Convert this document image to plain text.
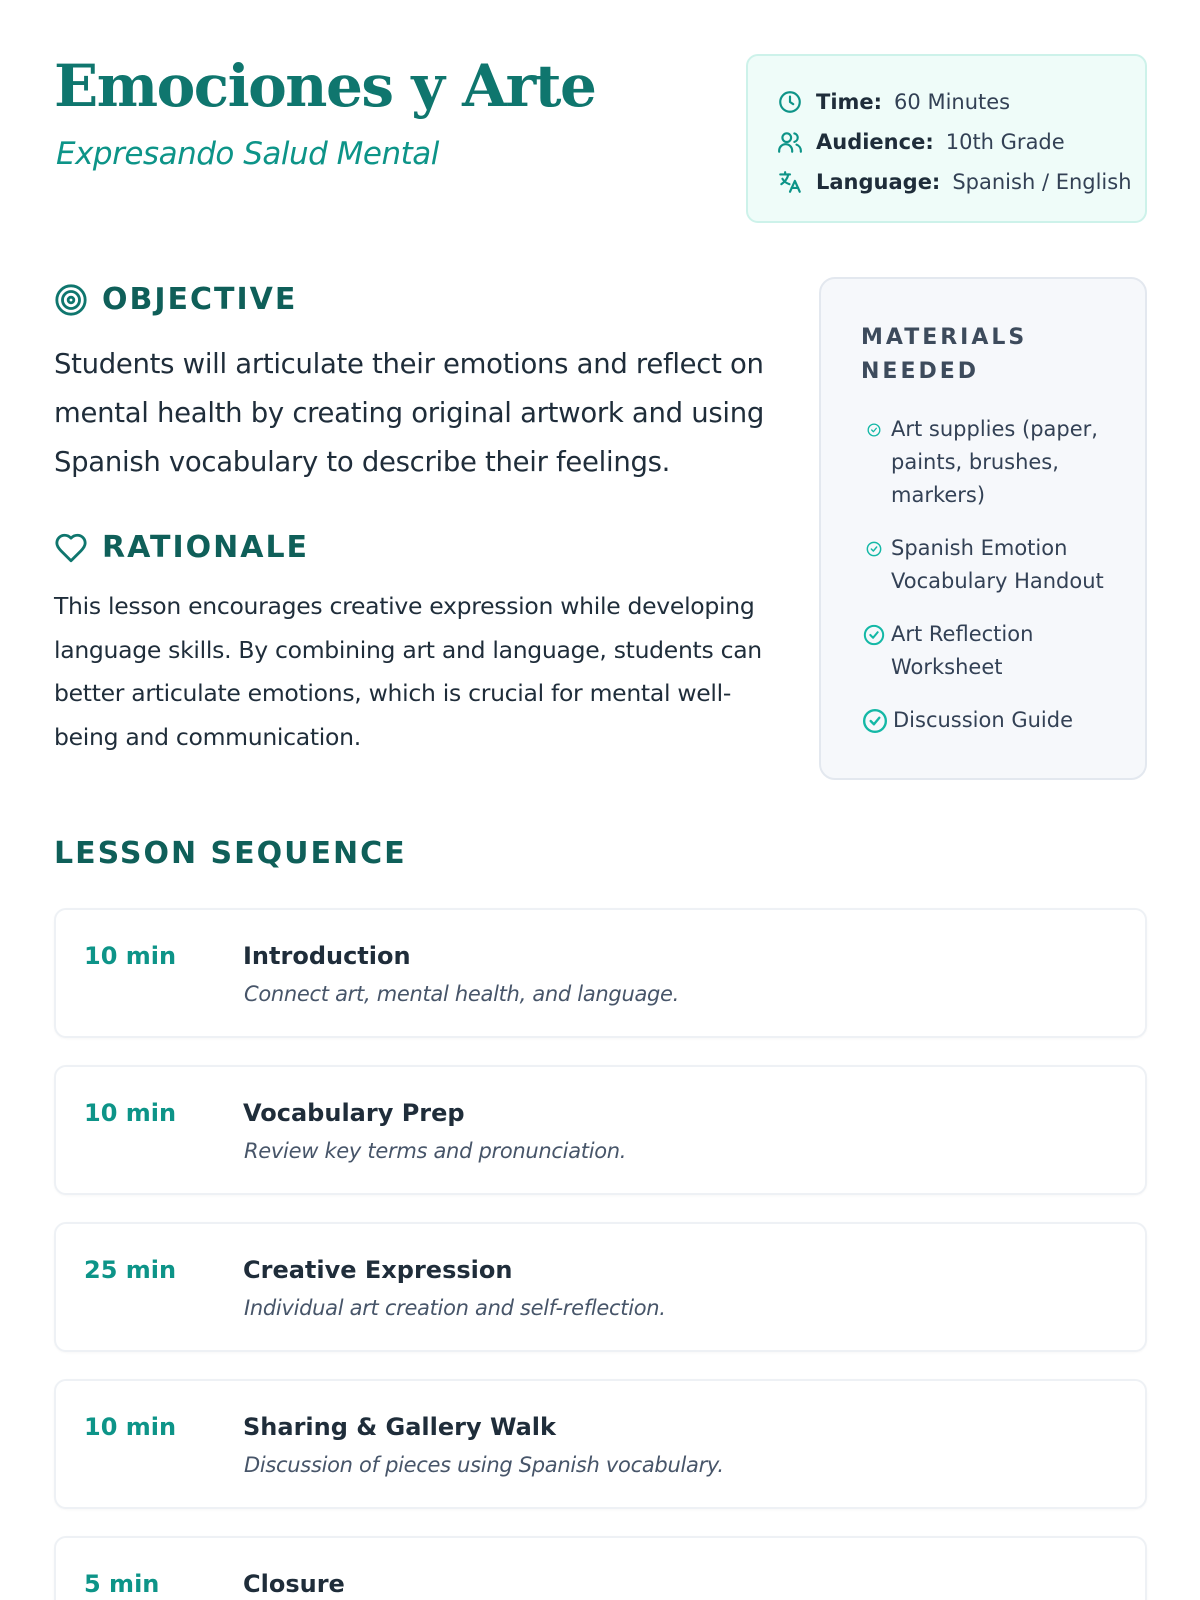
Emociones y Arte
Expresando Salud Mental
Time: 60 Minutes
Audience: 10th Grade
Language: Spanish / English
OBJECTIVE

Students will articulate their emotions and reflect on mental health by creating original artwork and using Spanish vocabulary to describe their feelings.

RATIONALE

This lesson encourages creative expression while developing language skills. By combining art and language, students can better articulate emotions, which is crucial for mental well-being and communication.

MATERIALS NEEDED
Art supplies (paper, paints, brushes, markers)
Spanish Emotion Vocabulary Handout
Art Reflection Worksheet
Discussion Guide
LESSON SEQUENCE
10 min	Introduction
Connect art, mental health, and language.
10 min	Vocabulary Prep
Review key terms and pronunciation.
25 min	Creative Expression
Individual art creation and self-reflection.
10 min	Sharing & Gallery Walk
Discussion of pieces using Spanish vocabulary.
5 min	Closure
